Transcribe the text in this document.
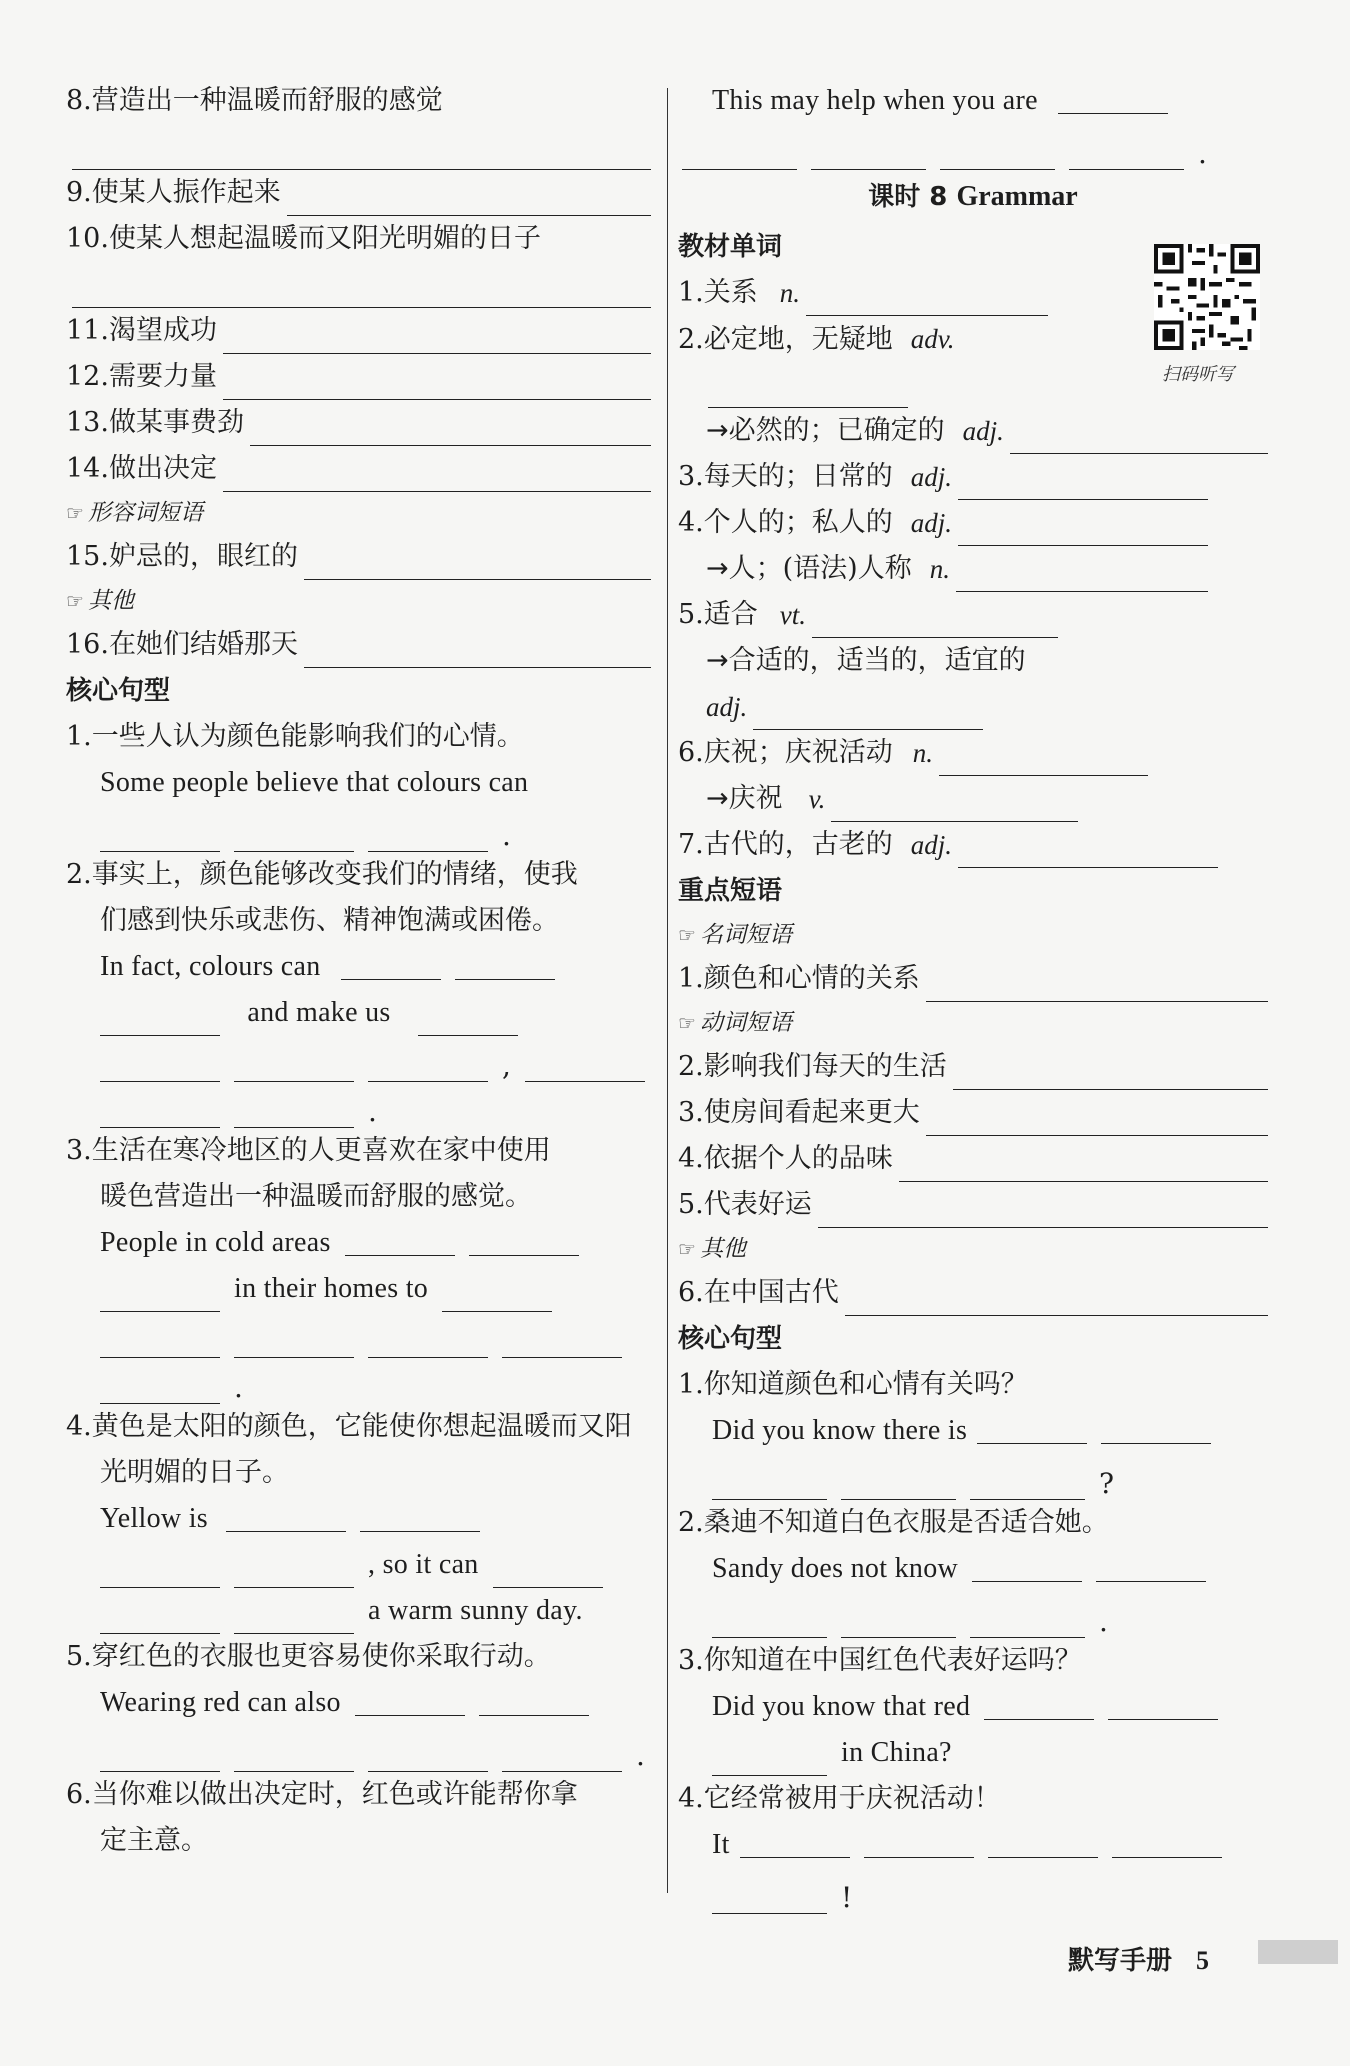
8.营造出一种温暖而舒服的感觉
9. 使某人振作起来
10.使某人想起温暖而又阳光明媚的日子
11. 渴望成功
12. 需要力量
13. 做某事费劲
14. 做出决定
☞ 形容词短语
15. 妒忌的，眼红的
☞ 其他
16. 在她们结婚那天
核心句型
1.一些人认为颜色能影响我们的心情。
Some people believe that colours can
.
2.事实上，颜色能够改变我们的情绪，使我
们感到快乐或悲伤、精神饱满或困倦。
In fact, colours can
and make us
,
.
3.生活在寒冷地区的人更喜欢在家中使用
暖色营造出一种温暖而舒服的感觉。
People in cold areas
in their homes to
.
4.黄色是太阳的颜色，它能使你想起温暖而又阳
光明媚的日子。
Yellow is
, so it can
a warm sunny day.
5.穿红色的衣服也更容易使你采取行动。
Wearing red can also
.
6.当你难以做出决定时，红色或许能帮你拿
定主意。
This may help when you are
.
课时 8 Grammar
教材单词
1. 关系 n.
2.必定地，无疑地 adv.
→ 必然的；已确定的 adj.
3. 每天的；日常的 adj.
4. 个人的；私人的 adj.
→ 人；(语法)人称 n.
5. 适合 vt.
→合适的，适当的，适宜的
adj.
6. 庆祝；庆祝活动 n.
→ 庆祝 v.
7. 古代的，古老的 adj.
重点短语
☞ 名词短语
1. 颜色和心情的关系
☞ 动词短语
2. 影响我们每天的生活
3. 使房间看起来更大
4. 依据个人的品味
5. 代表好运
☞ 其他
6. 在中国古代
核心句型
1.你知道颜色和心情有关吗？
Did you know there is
?
2.桑迪不知道白色衣服是否适合她。
Sandy does not know
.
3.你知道在中国红色代表好运吗？
Did you know that red
in China?
4.它经常被用于庆祝活动！
It
!
扫码听写
默写手册 5
